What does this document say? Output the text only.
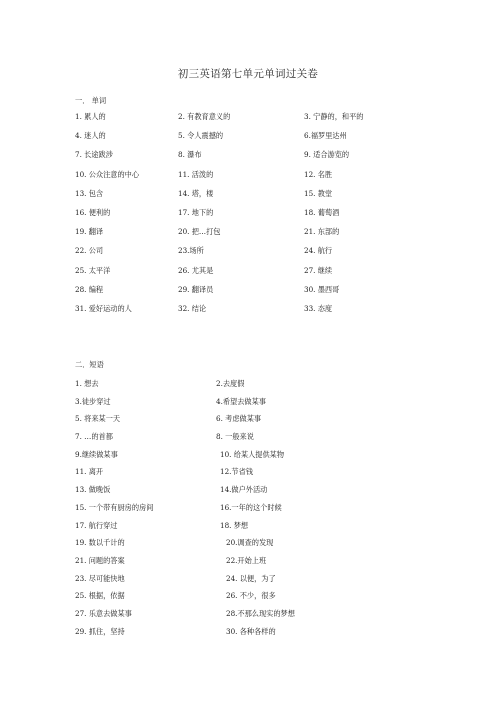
初三英语第七单元单词过关卷
一． 单词
1. 累人的	2. 有教育意义的	3. 宁静的，和平的
4. 迷人的	5. 令人震撼的	6.福罗里达州
7. 长途跋涉	8. 瀑布	9. 适合游览的
10. 公众注意的中心	11. 活泼的	12. 名胜
13. 包含	14. 塔，楼	15. 教堂
16. 便利的	17. 地下的	18. 葡萄酒
19. 翻译	20. 把…打包	21. 东部的
22. 公司	23.场所	24. 航行
25. 太平洋	26. 尤其是	27. 继续
28. 编程	29. 翻译员	30. 墨西哥
31. 爱好运动的人	32. 结论	33. 态度
二．短语
1. 想去	2.去度假
3.徒步穿过	4.希望去做某事
5. 将来某一天	6. 考虑做某事
7. …的首都	8. 一般来说
9.继续做某事	10. 给某人提供某物
11. 离开	12.节省钱
13. 做晚饭	14.做户外活动
15. 一个带有厨房的房间	16.一年的这个时候
17. 航行穿过	18. 梦想
19. 数以千计的	20.调查的发现
21. 问题的答案	22.开始上班
23. 尽可能快地	24. 以便，为了
25. 根据，依据	26. 不少，很多
27. 乐意去做某事	28.不那么现实的梦想
29. 抓住，坚持	30. 各种各样的
